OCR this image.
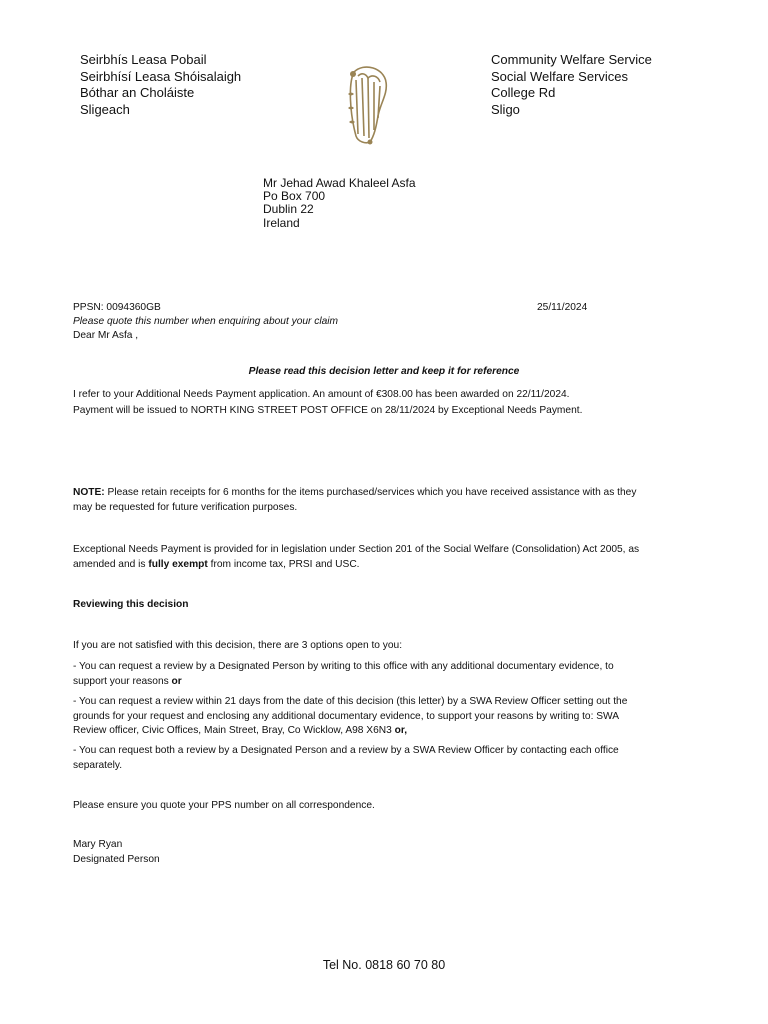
Seirbhís Leasa Pobail
Seirbhísí Leasa Shóisalaigh
Bóthar an Choláiste
Sligeach
Community Welfare Service
Social Welfare Services
College Rd
Sligo
Mr Jehad Awad Khaleel Asfa
Po Box 700
Dublin 22
Ireland
PPSN: 0094360GB	25/11/2024
Please quote this number when enquiring about your claim
Dear Mr Asfa ,
Please read this decision letter and keep it for reference
I refer to your Additional Needs Payment application. An amount of €308.00 has been awarded on 22/11/2024.
Payment will be issued to NORTH KING STREET POST OFFICE on 28/11/2024 by Exceptional Needs Payment.
NOTE: Please retain receipts for 6 months for the items purchased/services which you have received assistance with as they
may be requested for future verification purposes.
Exceptional Needs Payment is provided for in legislation under Section 201 of the Social Welfare (Consolidation) Act 2005, as
amended and is fully exempt from income tax, PRSI and USC.
Reviewing this decision
If you are not satisfied with this decision, there are 3 options open to you:
- You can request a review by a Designated Person by writing to this office with any additional documentary evidence, to
support your reasons or
- You can request a review within 21 days from the date of this decision (this letter) by a SWA Review Officer setting out the
grounds for your request and enclosing any additional documentary evidence, to support your reasons by writing to: SWA
Review officer, Civic Offices, Main Street, Bray, Co Wicklow, A98 X6N3 or,
- You can request both a review by a Designated Person and a review by a SWA Review Officer by contacting each office
separately.
Please ensure you quote your PPS number on all correspondence.
Mary Ryan
Designated Person
Tel No. 0818 60 70 80
